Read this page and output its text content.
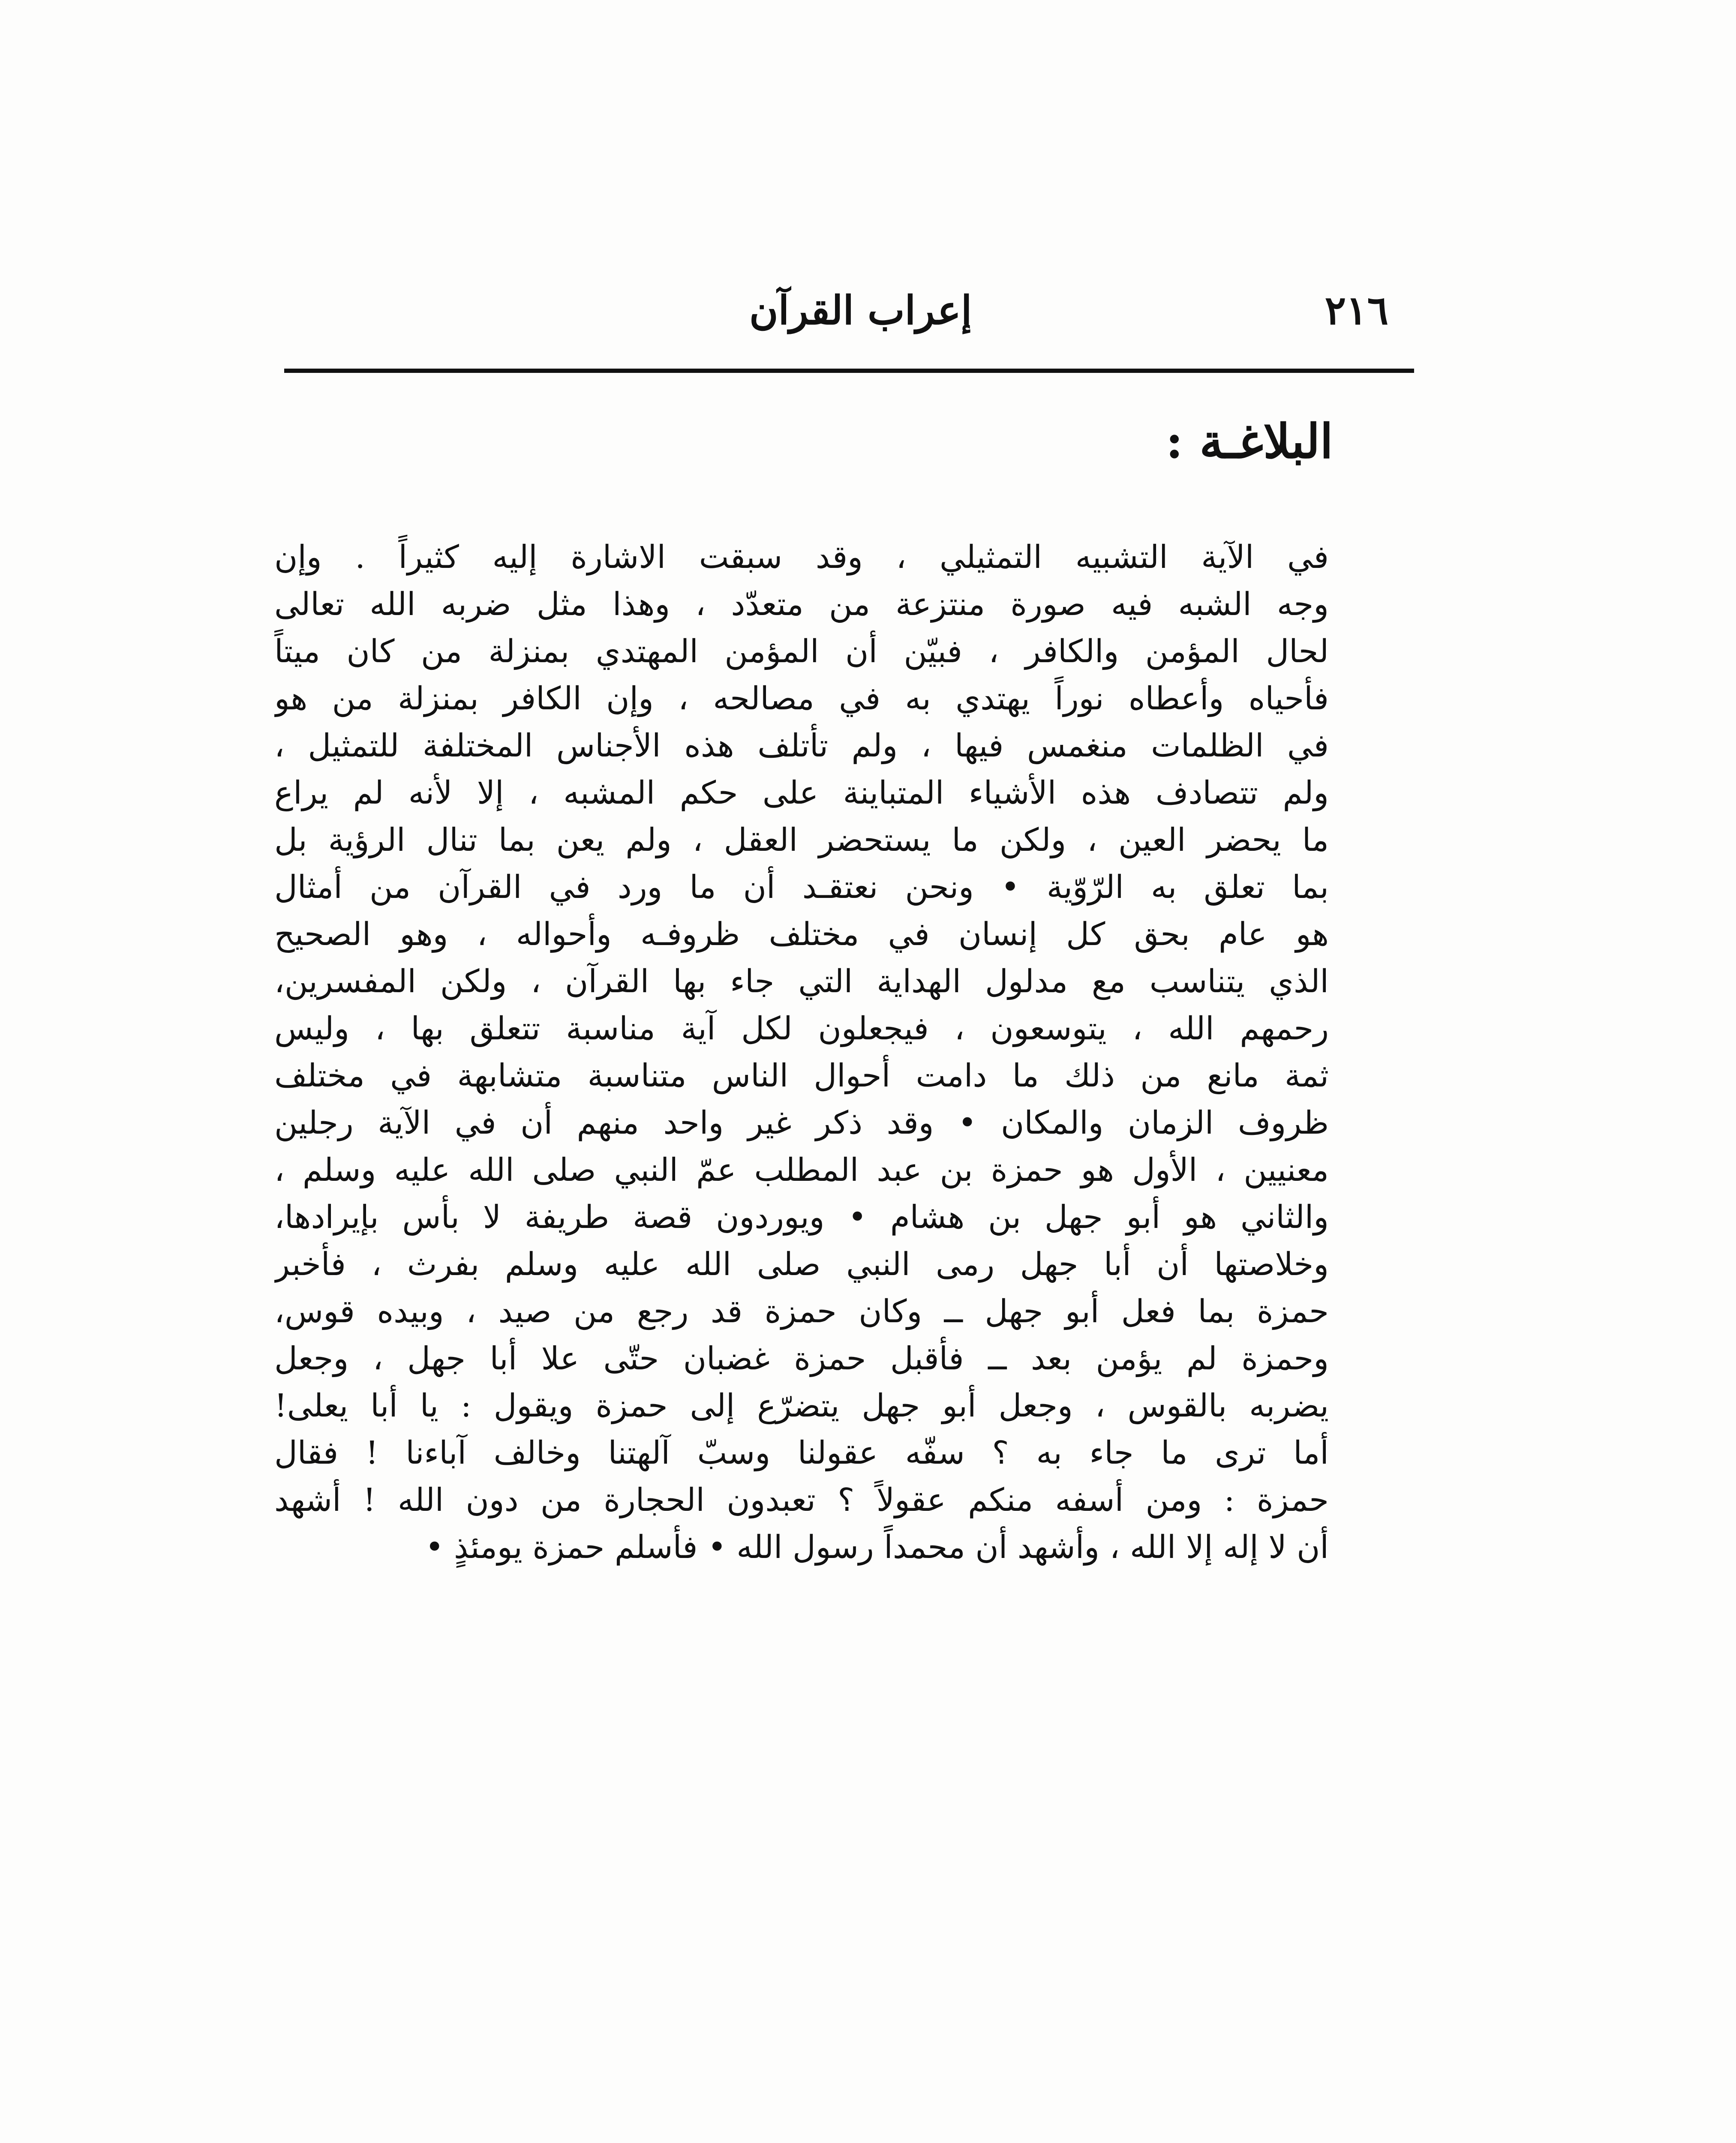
إعراب القرآن	٢١٦
البلاغـة :
في الآية التشبيه التمثيلي ، وقد سبقت الاشارة إليه كثيراً . وإن
وجه الشبه فيه صورة منتزعة من متعدّد ، وهذا مثل ضربه الله تعالى
لحال المؤمن والكافر ، فبيّن أن المؤمن المهتدي بمنزلة من كان ميتاً
فأحياه وأعطاه نوراً يهتدي به في مصالحه ، وإن الكافر بمنزلة من هو
في الظلمات منغمس فيها ، ولم تأتلف هذه الأجناس المختلفة للتمثيل ،
ولم تتصادف هذه الأشياء المتباينة على حكم المشبه ، إلا لأنه لم يراع
ما يحضر العين ، ولكن ما يستحضر العقل ، ولم يعن بما تنال الرؤية بل
بما تعلق به الرّوّية • ونحن نعتقـد أن ما ورد في القرآن من أمثال
هو عام بحق كل إنسان في مختلف ظروفـه وأحواله ، وهو الصحيح
الذي يتناسب مع مدلول الهداية التي جاء بها القرآن ، ولكن المفسرين،
رحمهم الله ، يتوسعون ، فيجعلون لكل آية مناسبة تتعلق بها ، وليس
ثمة مانع من ذلك ما دامت أحوال الناس متناسبة متشابهة في مختلف
ظروف الزمان والمكان • وقد ذكر غير واحد منهم أن في الآية رجلين
معنيين ، الأول هو حمزة بن عبد المطلب عمّ النبي صلى الله عليه وسلم ،
والثاني هو أبو جهل بن هشام • ويوردون قصة طريفة لا بأس بإيرادها،
وخلاصتها أن أبا جهل رمى النبي صلى الله عليه وسلم بفرث ، فأخبر
حمزة بما فعل أبو جهل ــ وكان حمزة قد رجع من صيد ، وبيده قوس،
وحمزة لم يؤمن بعد ــ فأقبل حمزة غضبان حتّى علا أبا جهل ، وجعل
يضربه بالقوس ، وجعل أبو جهل يتضرّع إلى حمزة ويقول : يا أبا يعلى!
أما ترى ما جاء به ؟ سفّه عقولنا وسبّ آلهتنا وخالف آباءنا ! فقال
حمزة : ومن أسفه منكم عقولاً ؟ تعبدون الحجارة من دون الله ! أشهد
أن لا إله إلا الله ، وأشهد أن محمداً رسول الله • فأسلم حمزة يومئذٍ •
